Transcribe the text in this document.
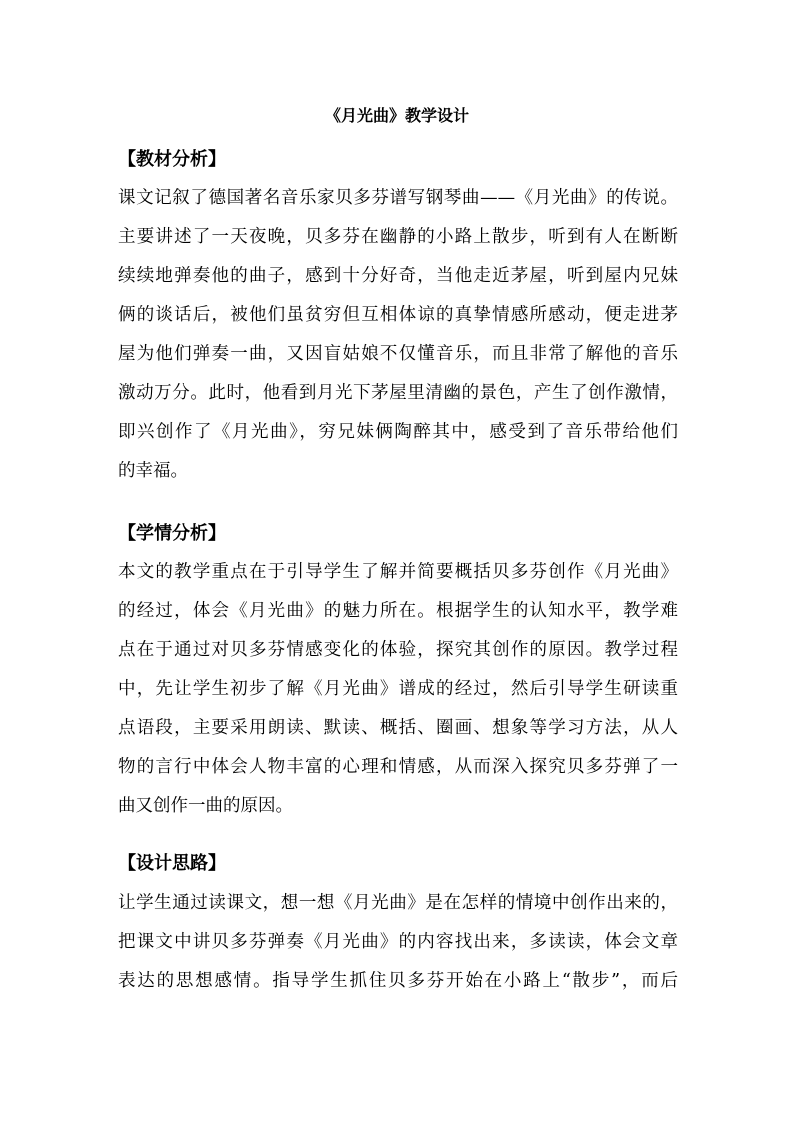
《月光曲》教学设计
【教材分析】
课文记叙了德国著名音乐家贝多芬谱写钢琴曲——《月光曲》的传说。
主要讲述了一天夜晚，贝多芬在幽静的小路上散步，听到有人在断断
续续地弹奏他的曲子，感到十分好奇，当他走近茅屋，听到屋内兄妹
俩的谈话后，被他们虽贫穷但互相体谅的真挚情感所感动，便走进茅
屋为他们弹奏一曲，又因盲姑娘不仅懂音乐，而且非常了解他的音乐
激动万分。此时，他看到月光下茅屋里清幽的景色，产生了创作激情，
即兴创作了《月光曲》，穷兄妹俩陶醉其中，感受到了音乐带给他们
的幸福。
【学情分析】
本文的教学重点在于引导学生了解并简要概括贝多芬创作《月光曲》
的经过，体会《月光曲》的魅力所在。根据学生的认知水平，教学难
点在于通过对贝多芬情感变化的体验，探究其创作的原因。教学过程
中，先让学生初步了解《月光曲》谱成的经过，然后引导学生研读重
点语段，主要采用朗读、默读、概括、圈画、想象等学习方法，从人
物的言行中体会人物丰富的心理和情感，从而深入探究贝多芬弹了一
曲又创作一曲的原因。
【设计思路】
让学生通过读课文，想一想《月光曲》是在怎样的情境中创作出来的，
把课文中讲贝多芬弹奏《月光曲》的内容找出来，多读读，体会文章
表达的思想感情。指导学生抓住贝多芬开始在小路上“散步”，而后
